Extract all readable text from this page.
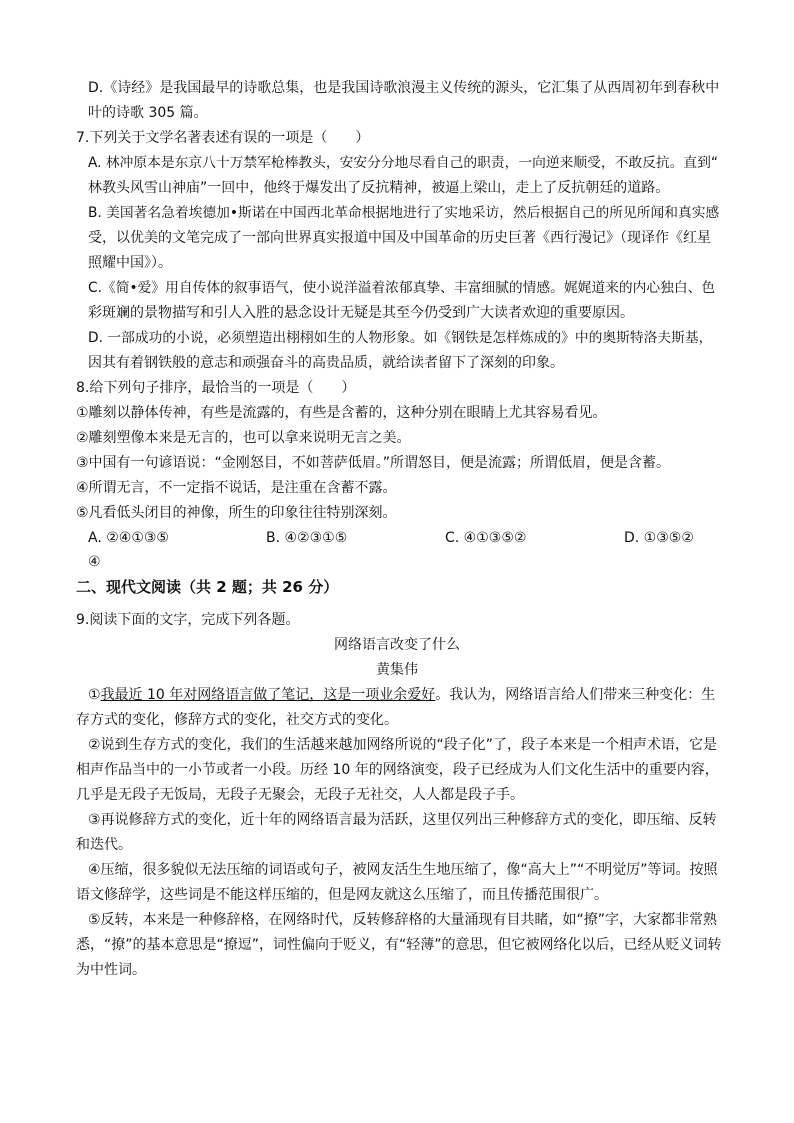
D.《诗经》是我国最早的诗歌总集，也是我国诗歌浪漫主义传统的源头，它汇集了从西周初年到春秋中
叶的诗歌 305 篇。
7.下列关于文学名著表述有误的一项是（　　）
A. 林冲原本是东京八十万禁军枪棒教头，安安分分地尽看自己的职责，一向逆来顺受，不敢反抗。直到“
林教头风雪山神庙”一回中，他终于爆发出了反抗精神，被逼上梁山，走上了反抗朝廷的道路。
B. 美国著名急着埃德加•斯诺在中国西北革命根据地进行了实地采访，然后根据自己的所见所闻和真实感
受，以优美的文笔完成了一部向世界真实报道中国及中国革命的历史巨著《西行漫记》（现译作《红星
照耀中国》）。
C.《简•爱》用自传体的叙事语气，使小说洋溢着浓郁真挚、丰富细腻的情感。娓娓道来的内心独白、色
彩斑斓的景物描写和引人入胜的悬念设计无疑是其至今仍受到广大读者欢迎的重要原因。
D. 一部成功的小说，必须塑造出栩栩如生的人物形象。如《钢铁是怎样炼成的》中的奥斯特洛夫斯基，
因其有着钢铁般的意志和顽强奋斗的高贵品质，就给读者留下了深刻的印象。
8.给下列句子排序，最恰当的一项是（　　）
①雕刻以静体传神，有些是流露的，有些是含蓄的，这种分别在眼睛上尤其容易看见。
②雕刻塑像本来是无言的，也可以拿来说明无言之美。
③中国有一句谚语说：“金刚怒目，不如菩萨低眉。”所谓怒目，便是流露；所谓低眉，便是含蓄。
④所谓无言，不一定指不说话，是注重在含蓄不露。
⑤凡看低头闭目的神像，所生的印象往往特别深刻。
A. ②④①③⑤	B. ④②③①⑤	C. ④①③⑤②	D. ①③⑤②
④
二、现代文阅读（共 2 题；共 26 分）
9.阅读下面的文字，完成下列各题。
网络语言改变了什么
黄集伟
①我最近 10 年对网络语言做了笔记，这是一项业余爱好。我认为，网络语言给人们带来三种变化：生
存方式的变化，修辞方式的变化，社交方式的变化。
②说到生存方式的变化，我们的生活越来越加网络所说的“段子化”了，段子本来是一个相声术语，它是
相声作品当中的一小节或者一小段。历经 10 年的网络演变，段子已经成为人们文化生活中的重要内容，
几乎是无段子无饭局，无段子无聚会，无段子无社交，人人都是段子手。
③再说修辞方式的变化，近十年的网络语言最为活跃，这里仅列出三种修辞方式的变化，即压缩、反转
和迭代。
④压缩，很多貌似无法压缩的词语或句子，被网友活生生地压缩了，像“高大上”“不明觉厉”等词。按照
语文修辞学，这些词是不能这样压缩的，但是网友就这么压缩了，而且传播范围很广。
⑤反转，本来是一种修辞格，在网络时代，反转修辞格的大量涌现有目共睹，如“撩”字，大家都非常熟
悉，“撩”的基本意思是“撩逗”，词性偏向于贬义，有“轻薄”的意思，但它被网络化以后，已经从贬义词转
为中性词。
